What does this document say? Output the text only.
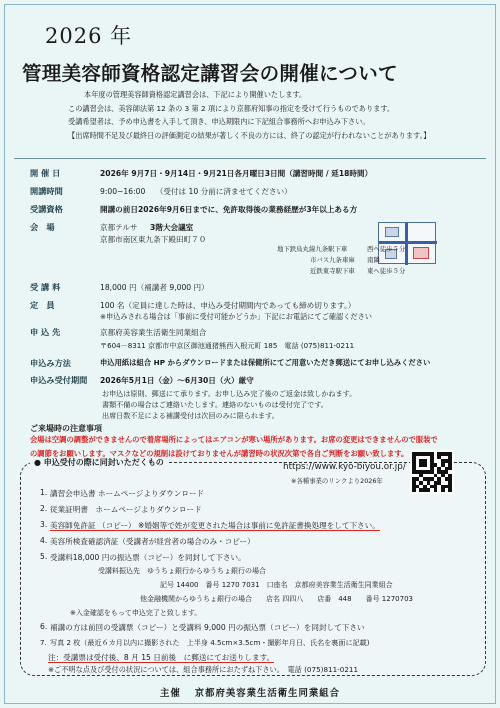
2026 年
管理美容師資格認定講習会の開催について

本年度の管理美容師資格認定講習会は、下記により開催いたします。

この講習会は、美容師法第 12 条の 3 第 2 項により京都府知事の指定を受けて行うものであります。

受講希望者は、予め申込書を入手して頂き、申込期限内に下記組合事務所へお申込み下さい。

【出席時間不足及び最終日の評価測定の結果が著しく不良の方には、終了の認定が行われないことがあります。】

開 催 日	2026年 9月7日・9月14日・9月21日各月曜日3日間（講習時間 / 延18時間）
開講時間	9:00~16:00 （受付は 10 分前に済ませてください）
受講資格	開講の前日2026年9月6日までに、免許取得後の業務経歴が3年以上ある方
会　場	京都テルサ 3階大会議室
京都市南区東九条下殿田町７０
地下鉄烏丸線九条駅下車	西へ徒歩５分
市バス九条車庫 南隣
近鉄東寺駅下車 東へ徒歩５分
受 講 料	18,000 円（補講者 9,000 円）
定　員	100 名（定員に達した時は、申込み受付期間内であっても締め切ります。）
※申込みされる場合は「事前に受付可能かどうか」下記にお電話にてご確認ください
申 込 先	京都府美容業生活衛生同業組合
〒604－8311 京都市中京区御池通猪熊西入根元町 185　電話 (075)811-0211
申込み方法	申込用紙は組合 HP からダウンロードまたは保健所にてご用意いただき郵送にてお申し込みください
申込み受付期間 2026年5月1日（金）～6月30日（火）厳守
お申込は原則、郵送にて承ります。お申し込み完了後のご返金は致しかねます。
書類不備の場合はご連絡いたします。連絡のないものは受付完了です。
出席日数不足による補講受付は次回のみに限られます。
ご来場時の注意事項

会場は空調の調整ができませんので着席場所によってはエアコンが寒い場所があります。お席の変更はできませんので服装で

の調節をお願いします。マスクなどの規制は設けておりませんが講習時の状況次第で各自ご判断をお願い致します。

● 申込受付の際に同封いただくもの	https://www.kyo-biyou.or.jp/
※各種事業のリンクより2026年
1. 講習会申込書 ホームページよりダウンロード
2. 従業証明書　ホームページよりダウンロード
3. 美容師免許証 （コピー） ※婚姻等で姓が変更された場合は事前に免許証書換処理をして下さい。
4. 美容所検査確認済証（受講者が経営者の場合のみ・コピー）
5. 受講料18,000 円の振込票（コピー）を同封して下さい。
受講料振込先　ゆうちょ銀行からゆうちょ銀行の場合
記号 14400　番号 1270 7031　口座名　京都府美容業生活衛生同業組合
他金融機関からゆうちょ銀行の場合　　店名 四四八　　店番　448　　番号 1270703
※入金確認をもって申込完了と致します。
6. 補講の方は前回の受講票（コピー）と受講料 9,000 円の振込票（コピー）を同封して下さい
7. 写真 2 枚（最近６カ月以内に撮影された　上半身 4.5cm×3.5cm・撮影年月日、氏名を裏面に記載)
注：受講票は受付後、8 月 15 日前後　に郵送にてお送りします。
※ご不明な点及び受付の状況については、組合事務所におたずね下さい。　電話 (075)811-0211
主催 京都府美容業生活衛生同業組合
